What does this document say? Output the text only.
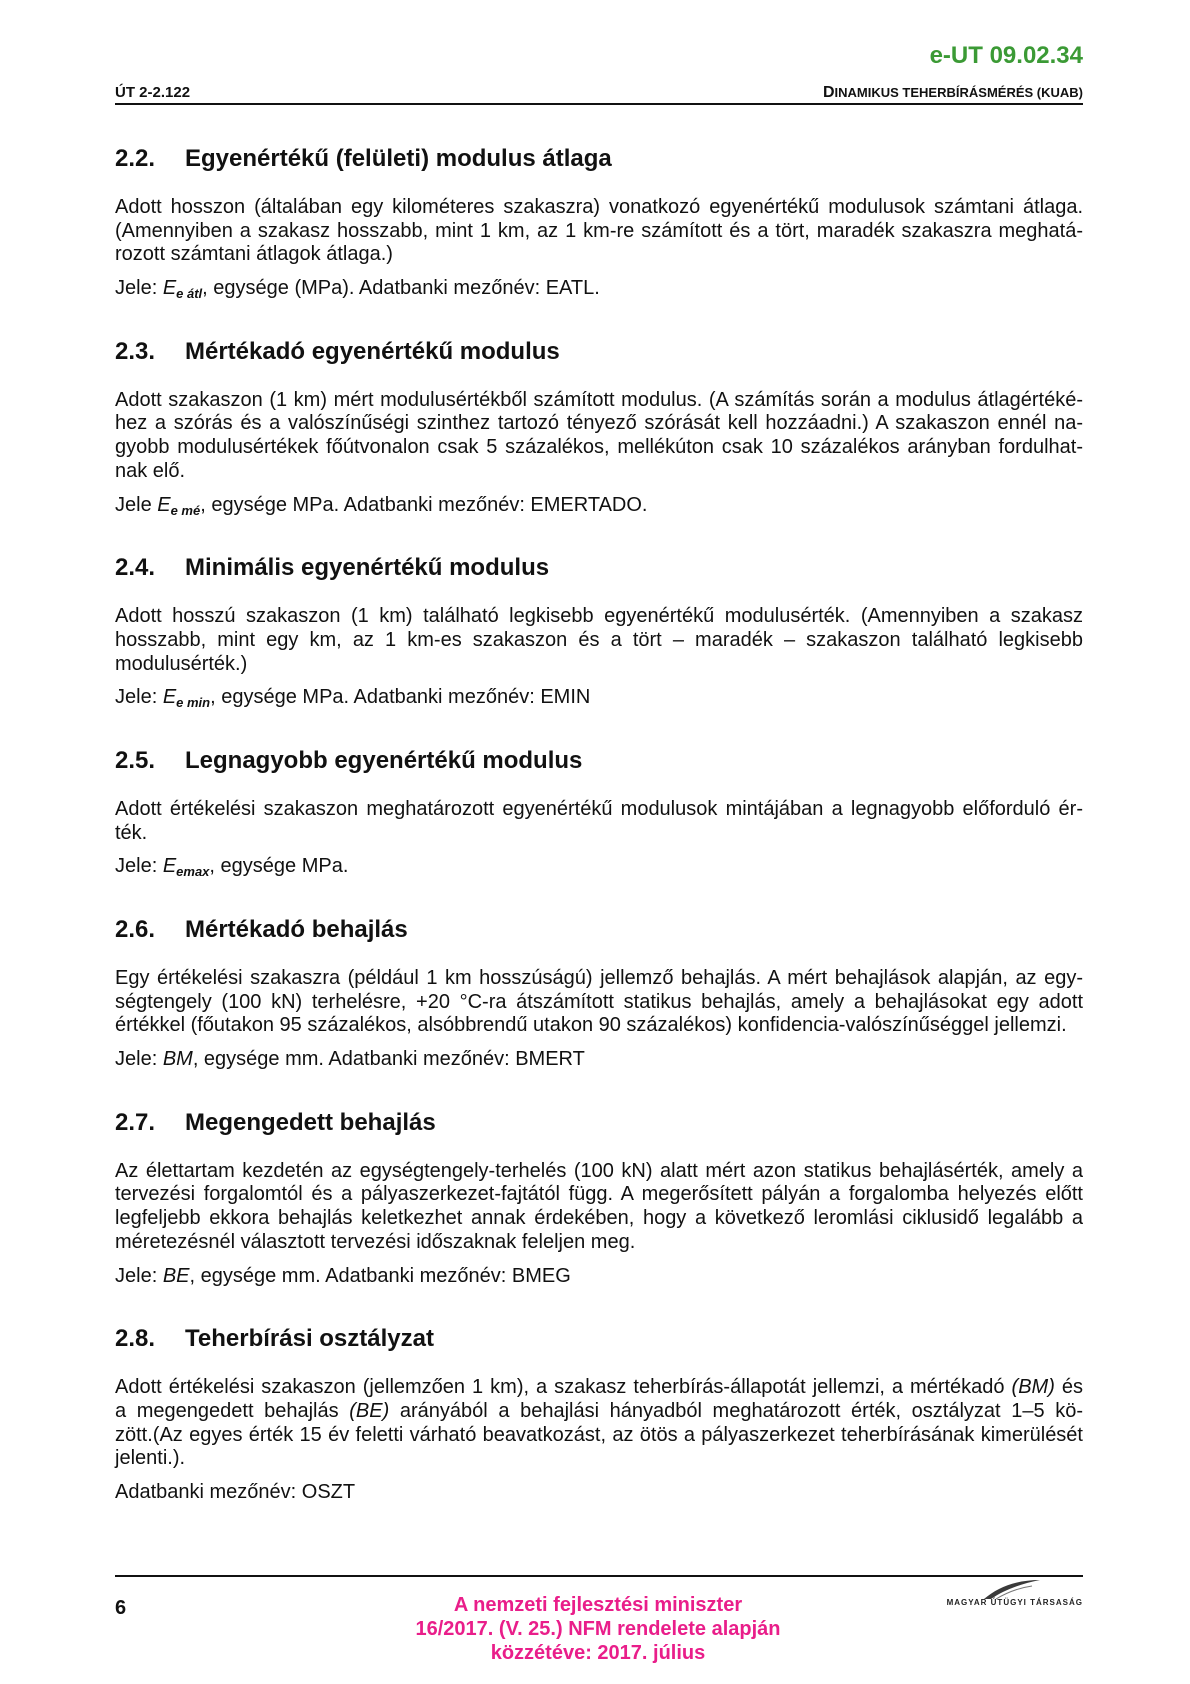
e-UT 09.02.34
ÚT 2-2.122	DINAMIKUS TEHERBÍRÁSMÉRÉS (KUAB)
2.2. Egyenértékű (felületi) modulus átlaga
Adott hosszon (általában egy kilométeres szakaszra) vonatkozó egyenértékű modulusok számtani átlaga.
(Amennyiben a szakasz hosszabb, mint 1 km, az 1 km-re számított és a tört, maradék szakaszra meghatá-
rozott számtani átlagok átlaga.)
Jele: $E_{e átl}$, egysége (MPa). Adatbanki mezőnév: EATL.
2.3. Mértékadó egyenértékű modulus
Adott szakaszon (1 km) mért modulusértékből számított modulus. (A számítás során a modulus átlagértéké-
hez a szórás és a valószínűségi szinthez tartozó tényező szórását kell hozzáadni.) A szakaszon ennél na-
gyobb modulusértékek főútvonalon csak 5 százalékos, mellékúton csak 10 százalékos arányban fordulhat-
nak elő.
Jele $E_{e mé}$, egysége MPa. Adatbanki mezőnév: EMERTADO.
2.4. Minimális egyenértékű modulus
Adott hosszú szakaszon (1 km) található legkisebb egyenértékű modulusérték. (Amennyiben a szakasz
hosszabb, mint egy km, az 1 km-es szakaszon és a tört – maradék – szakaszon található legkisebb
modulusérték.)
Jele: $E_{e min}$, egysége MPa. Adatbanki mezőnév: EMIN
2.5. Legnagyobb egyenértékű modulus
Adott értékelési szakaszon meghatározott egyenértékű modulusok mintájában a legnagyobb előforduló ér-
ték.
Jele: $E_{emax}$, egysége MPa.
2.6. Mértékadó behajlás
Egy értékelési szakaszra (például 1 km hosszúságú) jellemző behajlás. A mért behajlások alapján, az egy-
ségtengely (100 kN) terhelésre, +20 °C-ra átszámított statikus behajlás, amely a behajlásokat egy adott
értékkel (főutakon 95 százalékos, alsóbbrendű utakon 90 százalékos) konfidencia-valószínűséggel jellemzi.
Jele: BM, egysége mm. Adatbanki mezőnév: BMERT
2.7. Megengedett behajlás
Az élettartam kezdetén az egységtengely-terhelés (100 kN) alatt mért azon statikus behajlásérték, amely a
tervezési forgalomtól és a pályaszerkezet-fajtától függ. A megerősített pályán a forgalomba helyezés előtt
legfeljebb ekkora behajlás keletkezhet annak érdekében, hogy a következő leromlási ciklusidő legalább a
méretezésnél választott tervezési időszaknak feleljen meg.
Jele: BE, egysége mm. Adatbanki mezőnév: BMEG
2.8. Teherbírási osztályzat
Adott értékelési szakaszon (jellemzően 1 km), a szakasz teherbírás-állapotát jellemzi, a mértékadó (BM) és
a megengedett behajlás (BE) arányából a behajlási hányadból meghatározott érték, osztályzat 1–5 kö-
zött.(Az egyes érték 15 év feletti várható beavatkozást, az ötös a pályaszerkezet teherbírásának kimerülését
jelenti.).
Adatbanki mezőnév: OSZT
6	A nemzeti fejlesztési miniszter
16/2017. (V. 25.) NFM rendelete alapján
közzétéve: 2017. július
MAGYAR ÚTÜGYI TÁRSASÁG
